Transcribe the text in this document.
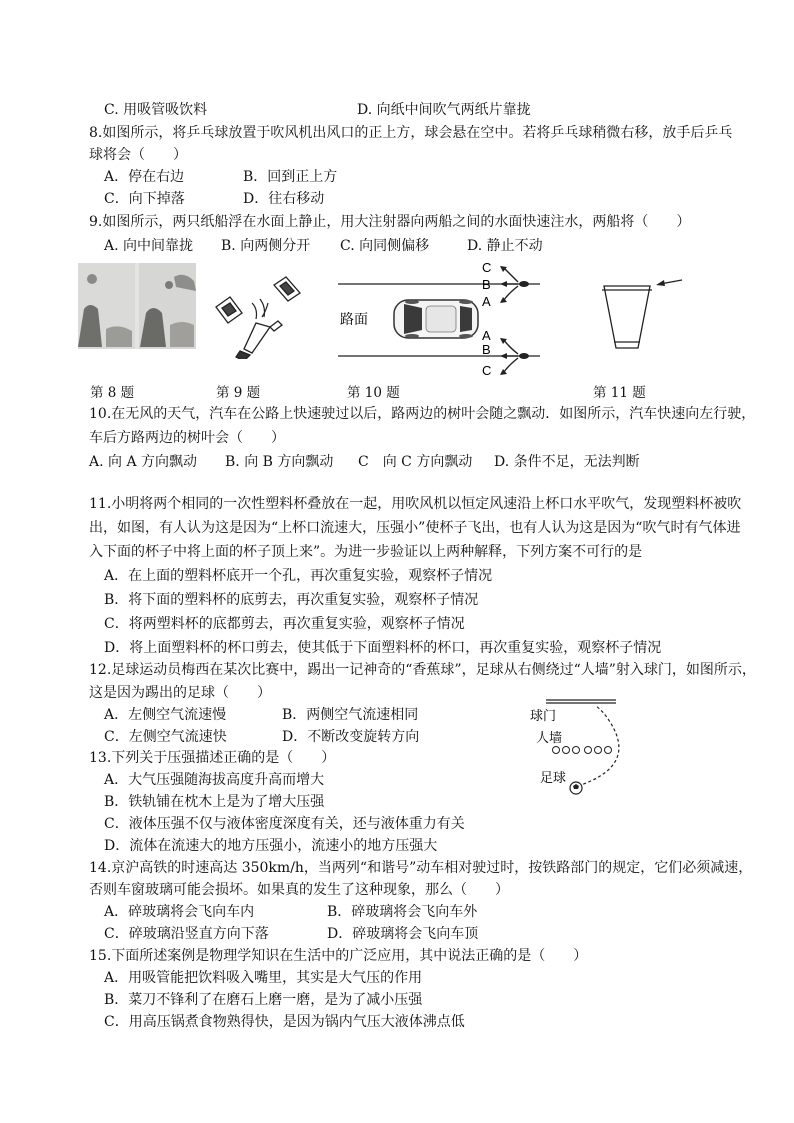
C. 用吸管吸饮料	D. 向纸中间吹气两纸片靠拢
8.如图所示，将乒乓球放置于吹风机出风口的正上方，球会悬在空中。若将乒乓球稍微右移，放手后乒乓
球将会（　　）
A．停在右边	B．回到正上方
C．向下掉落	D．往右移动
9.如图所示，两只纸船浮在水面上静止，用大注射器向两船之间的水面快速注水，两船将（　　）
A. 向中间靠拢 B. 向两侧分开 C. 向同侧偏移	D. 静止不动
路面
C
B
A
A
B
C
第 8 题	第 9 题	第 10 题	第 11 题
10.在无风的天气，汽车在公路上快速驶过以后，路两边的树叶会随之飘动．如图所示，汽车快速向左行驶，
车后方路两边的树叶会（　　）
A. 向 A 方向飘动 B. 向 B 方向飘动 C　向 C 方向飘动 D. 条件不足，无法判断
11.小明将两个相同的一次性塑料杯叠放在一起，用吹风机以恒定风速沿上杯口水平吹气，发现塑料杯被吹
出，如图，有人认为这是因为“上杯口流速大，压强小”使杯子飞出，也有人认为这是因为“吹气时有气体进
入下面的杯子中将上面的杯子顶上来”。为进一步验证以上两种解释，下列方案不可行的是
A．在上面的塑料杯底开一个孔，再次重复实验，观察杯子情况
B．将下面的塑料杯的底剪去，再次重复实验，观察杯子情况
C．将两塑料杯的底都剪去，再次重复实验，观察杯子情况
D．将上面塑料杯的杯口剪去，使其低于下面塑料杯的杯口，再次重复实验，观察杯子情况
12.足球运动员梅西在某次比赛中，踢出一记神奇的“香蕉球”，足球从右侧绕过“人墙”射入球门，如图所示，
这是因为踢出的足球（　　）
A．左侧空气流速慢	B．两侧空气流速相同
C．左侧空气流速快	D．不断改变旋转方向
球门
人墙
足球
13.下列关于压强描述正确的是（　　）
A．大气压强随海拔高度升高而增大
B．铁轨铺在枕木上是为了增大压强
C．液体压强不仅与液体密度深度有关，还与液体重力有关
D．流体在流速大的地方压强小，流速小的地方压强大
14.京沪高铁的时速高达 350km/h，当两列“和谐号”动车相对驶过时，按铁路部门的规定，它们必须减速，
否则车窗玻璃可能会损坏。如果真的发生了这种现象，那么（　　）
A．碎玻璃将会飞向车内	B．碎玻璃将会飞向车外
C．碎玻璃沿竖直方向下落	D．碎玻璃将会飞向车顶
15.下面所述案例是物理学知识在生活中的广泛应用，其中说法正确的是（　　）
A．用吸管能把饮料吸入嘴里，其实是大气压的作用
B．菜刀不锋利了在磨石上磨一磨，是为了减小压强
C．用高压锅煮食物熟得快，是因为锅内气压大液体沸点低
